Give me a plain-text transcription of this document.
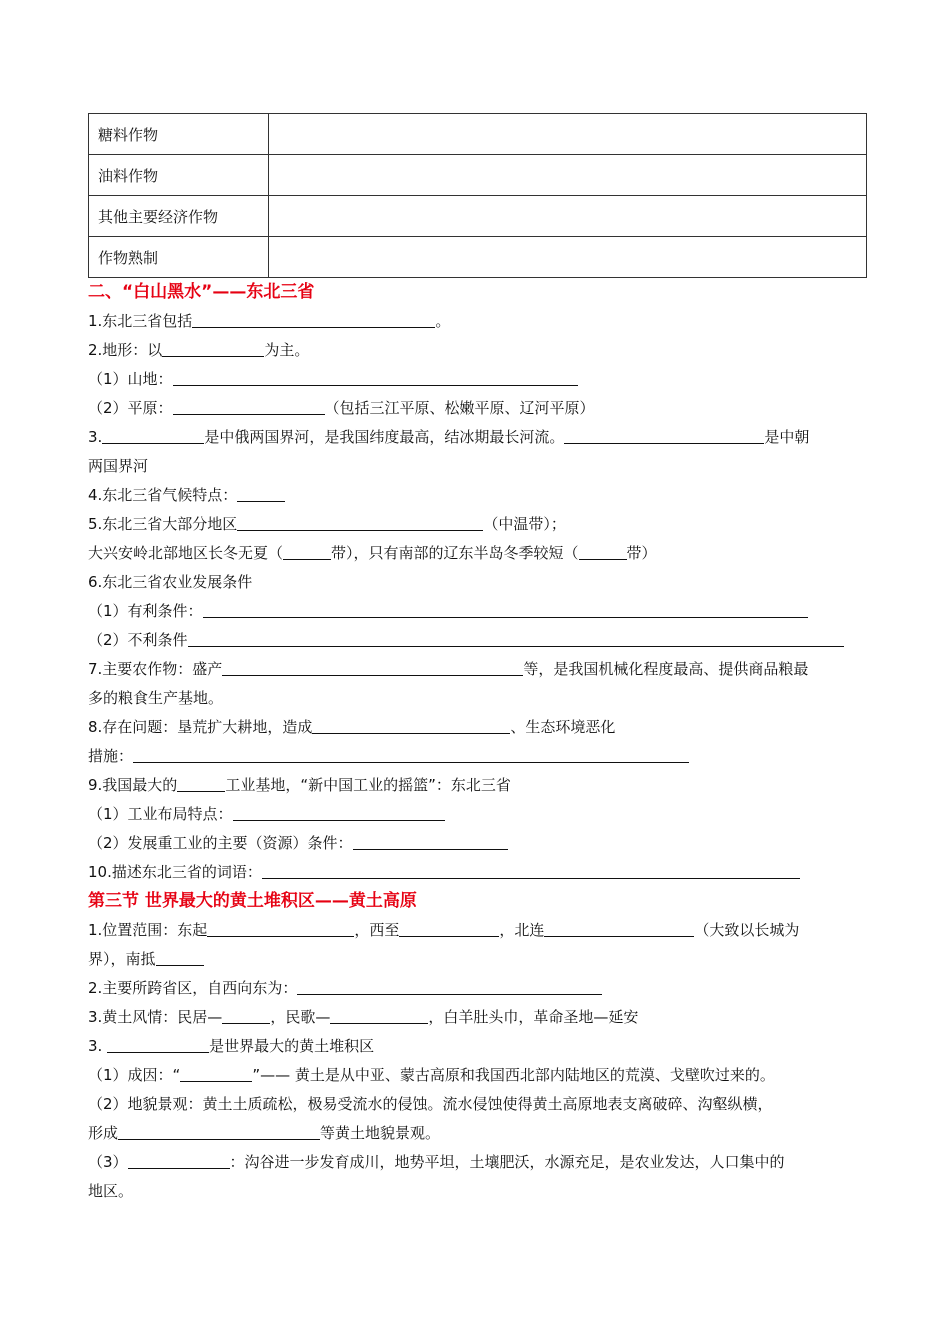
糖料作物	
油料作物	
其他主要经济作物	
作物熟制	
二、“白山黑水”——东北三省
1.东北三省包括	。
2.地形：以	为主。
（1）山地：
（2）平原：	（包括三江平原、松嫩平原、辽河平原）
3.	是中俄两国界河，是我国纬度最高，结冰期最长河流。	是中朝
两国界河
4.东北三省气候特点：
5.东北三省大部分地区	（中温带）；
大兴安岭北部地区长冬无夏（	带），只有南部的辽东半岛冬季较短（	带）
6.东北三省农业发展条件
（1）有利条件：
（2）不利条件
7.主要农作物：盛产	等，是我国机械化程度最高、提供商品粮最
多的粮食生产基地。
8.存在问题：垦荒扩大耕地，造成	、生态环境恶化
措施：
9.我国最大的	工业基地，“新中国工业的摇篮”：东北三省
（1）工业布局特点：
（2）发展重工业的主要（资源）条件：
10.描述东北三省的词语：
第三节 世界最大的黄土堆积区——黄土高原
1.位置范围：东起	，西至	，北连	（大致以长城为
界），南抵
2.主要所跨省区，自西向东为：
3.黄土风情：民居—	，民歌—	，白羊肚头巾，革命圣地—延安
3.	是世界最大的黄土堆积区
（1）成因：“	”—— 黄土是从中亚、蒙古高原和我国西北部内陆地区的荒漠、戈壁吹过来的。
（2）地貌景观：黄土土质疏松，极易受流水的侵蚀。流水侵蚀使得黄土高原地表支离破碎、沟壑纵横，
形成	等黄土地貌景观。
（3）	：沟谷进一步发育成川，地势平坦，土壤肥沃，水源充足，是农业发达，人口集中的
地区。
